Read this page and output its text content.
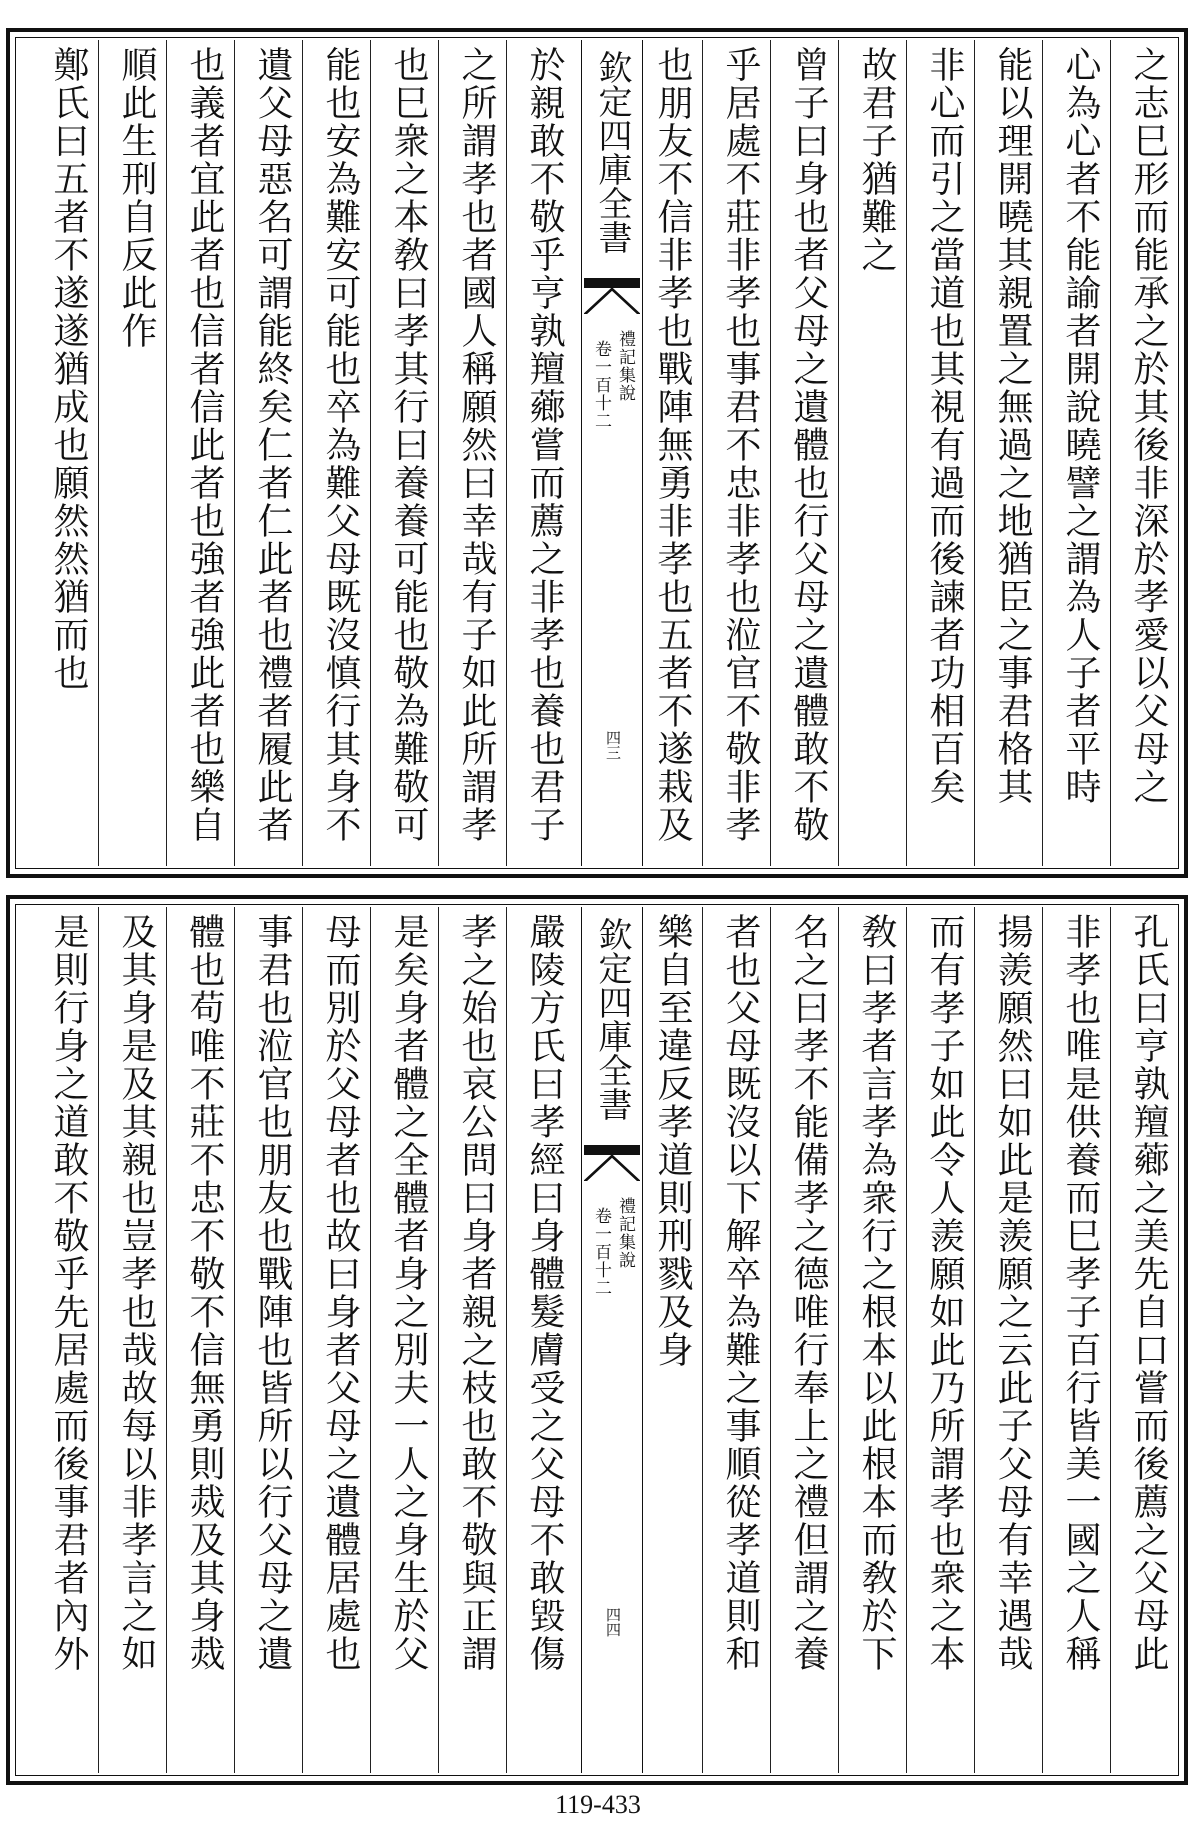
之志巳形而能承之於其後非深於孝愛以父母之
心為心者不能諭者開說曉譬之謂為人子者平時
能以理開曉其親置之無過之地猶臣之事君格其
非心而引之當道也其視有過而後諫者功相百矣
故君子猶難之
曾子曰身也者父母之遺體也行父母之遺體敢不敬
乎居處不莊非孝也事君不忠非孝也涖官不敬非孝
也朋友不信非孝也戰陣無勇非孝也五者不遂栽及
欽定四庫全書
禮記集說
卷一百十二
四三
於親敢不敬乎亨孰羶薌嘗而薦之非孝也養也君子
之所謂孝也者國人稱願然曰幸哉有子如此所謂孝
也巳衆之本敎曰孝其行曰養養可能也敬為難敬可
能也安為難安可能也卒為難父母既沒慎行其身不
遺父母惡名可謂能終矣仁者仁此者也禮者履此者
也義者宜此者也信者信此者也強者強此者也樂自
順此生刑自反此作
鄭氏曰五者不遂遂猶成也願然然猶而也
孔氏曰亨孰羶薌之美先自口嘗而後薦之父母此
非孝也唯是供養而巳孝子百行皆美一國之人稱
揚羨願然曰如此是羨願之云此子父母有幸遇哉
而有孝子如此令人羨願如此乃所謂孝也衆之本
敎曰孝者言孝為衆行之根本以此根本而敎於下
名之曰孝不能備孝之德唯行奉上之禮但謂之養
者也父母既沒以下解卒為難之事順從孝道則和
樂自至違反孝道則刑戮及身
欽定四庫全書
禮記集說
卷一百十二
四四
嚴陵方氏曰孝經曰身體髮膚受之父母不敢毀傷
孝之始也哀公問曰身者親之枝也敢不敬與正謂
是矣身者體之全體者身之別夫一人之身生於父
母而別於父母者也故曰身者父母之遺體居處也
事君也涖官也朋友也戰陣也皆所以行父母之遺
體也苟唯不莊不忠不敬不信無勇則烖及其身烖
及其身是及其親也豈孝也哉故每以非孝言之如
是則行身之道敢不敬乎先居處而後事君者內外
119-433
